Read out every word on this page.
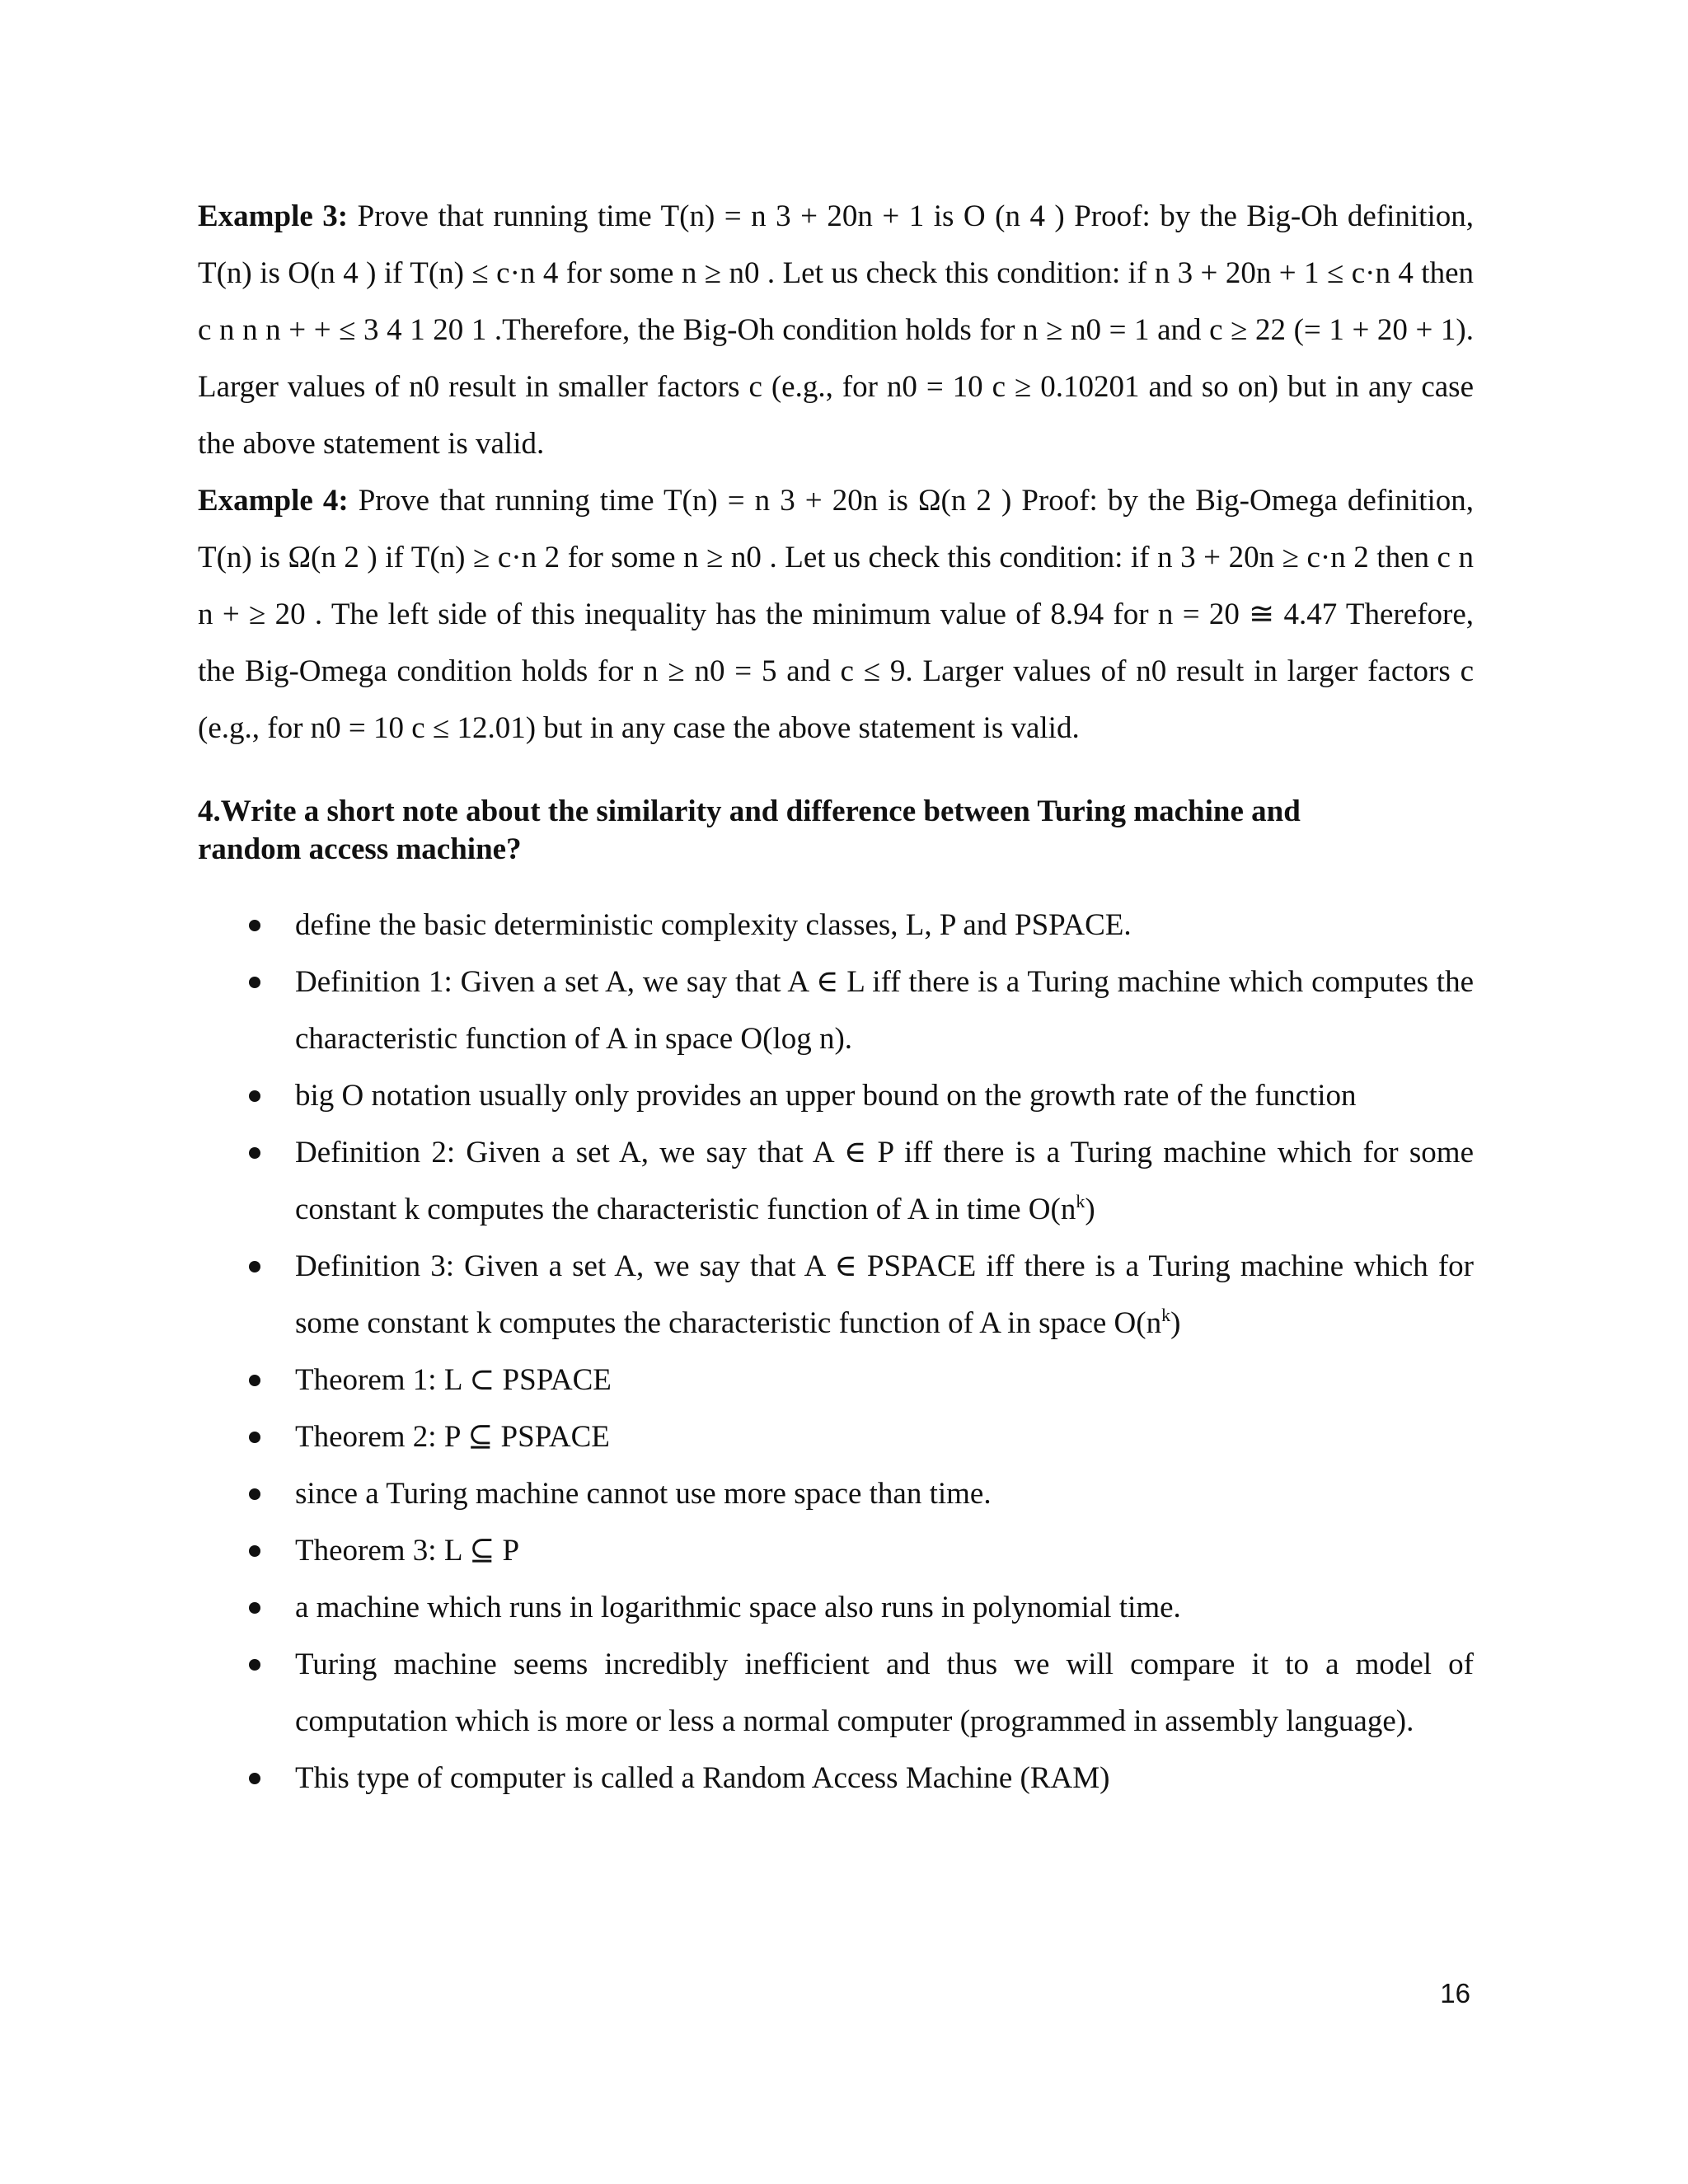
Example 3: Prove that running time T(n) = n 3 + 20n + 1 is O (n 4 ) Proof: by the Big-Oh definition, T(n) is O(n 4 ) if T(n) ≤ c·n 4 for some n ≥ n0 . Let us check this condition: if n 3 + 20n + 1 ≤ c·n 4 then c n n n + + ≤ 3 4 1 20 1 .Therefore, the Big-Oh condition holds for n ≥ n0 = 1 and c ≥ 22 (= 1 + 20 + 1). Larger values of n0 result in smaller factors c (e.g., for n0 = 10 c ≥ 0.10201 and so on) but in any case the above statement is valid.

Example 4: Prove that running time T(n) = n 3 + 20n is Ω(n 2 ) Proof: by the Big-Omega definition, T(n) is Ω(n 2 ) if T(n) ≥ c·n 2 for some n ≥ n0 . Let us check this condition: if n 3 + 20n ≥ c·n 2 then c n n + ≥ 20 . The left side of this inequality has the minimum value of 8.94 for n = 20 ≅ 4.47 Therefore, the Big-Omega condition holds for n ≥ n0 = 5 and c ≤ 9. Larger values of n0 result in larger factors c (e.g., for n0 = 10 c ≤ 12.01) but in any case the above statement is valid.

4.Write a short note about the similarity and difference between Turing machine and
random access machine?
define the basic deterministic complexity classes, L, P and PSPACE.
Definition 1: Given a set A, we say that A ∈ L iff there is a Turing machine which computes the characteristic function of A in space O(log n).
big O notation usually only provides an upper bound on the growth rate of the function
Definition 2: Given a set A, we say that A ∈ P iff there is a Turing machine which for some constant k computes the characteristic function of A in time $O(n^k)$
Definition 3: Given a set A, we say that A ∈ PSPACE iff there is a Turing machine which for some constant k computes the characteristic function of A in space $O(n^k)$
Theorem 1: L ⊂ PSPACE
Theorem 2: P ⊆ PSPACE
since a Turing machine cannot use more space than time.
Theorem 3: L ⊆ P
a machine which runs in logarithmic space also runs in polynomial time.
Turing machine seems incredibly inefficient and thus we will compare it to a model of computation which is more or less a normal computer (programmed in assembly language).
This type of computer is called a Random Access Machine (RAM)
16
